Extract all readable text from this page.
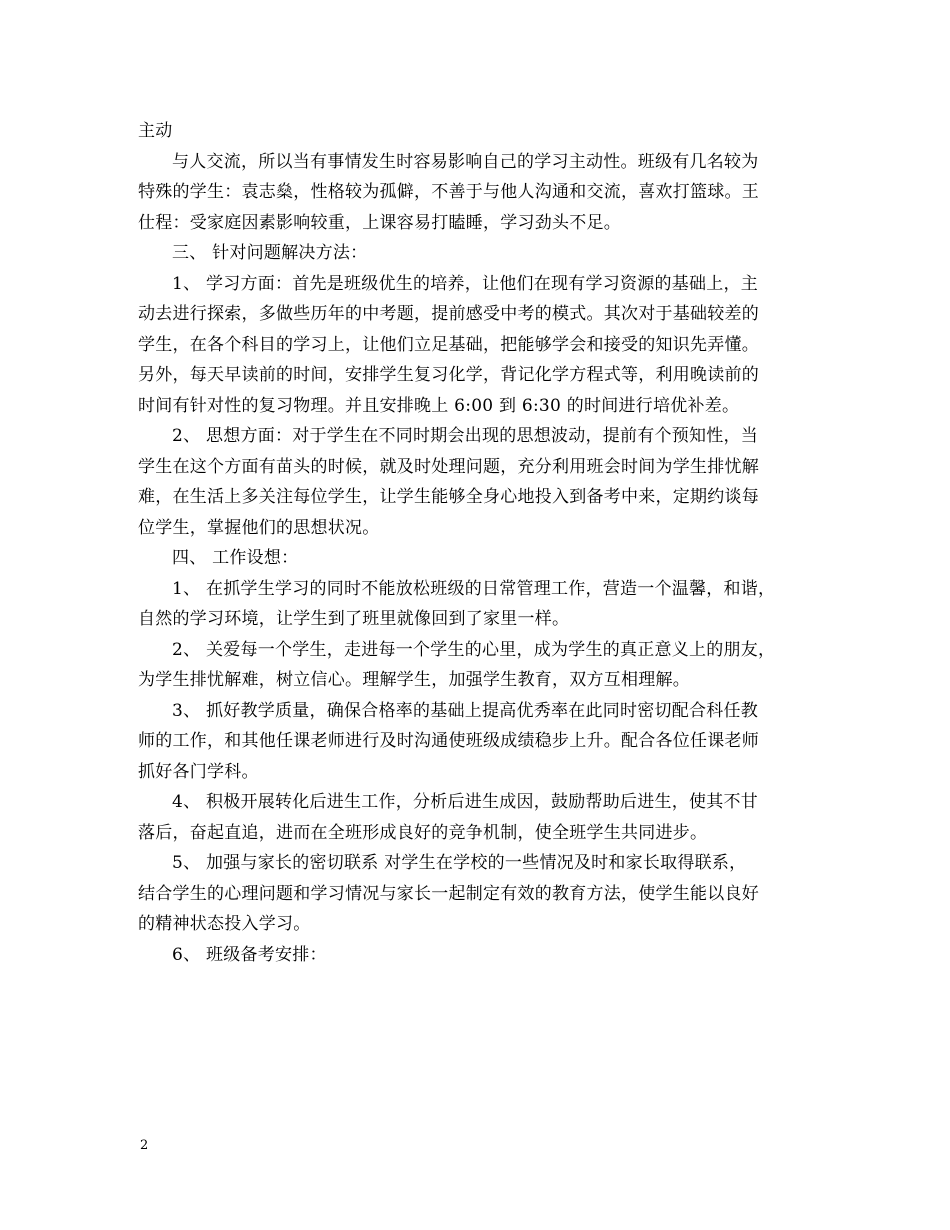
主动
与人交流，所以当有事情发生时容易影响自己的学习主动性。班级有几名较为
特殊的学生：袁志燊，性格较为孤僻，不善于与他人沟通和交流，喜欢打篮球。王
仕程：受家庭因素影响较重，上课容易打瞌睡，学习劲头不足。
三、 针对问题解决方法：
1、 学习方面：首先是班级优生的培养，让他们在现有学习资源的基础上，主
动去进行探索，多做些历年的中考题，提前感受中考的模式。其次对于基础较差的
学生，在各个科目的学习上，让他们立足基础，把能够学会和接受的知识先弄懂。
另外，每天早读前的时间，安排学生复习化学，背记化学方程式等，利用晚读前的
时间有针对性的复习物理。并且安排晚上 6:00 到 6:30 的时间进行培优补差。
2、 思想方面：对于学生在不同时期会出现的思想波动，提前有个预知性，当
学生在这个方面有苗头的时候，就及时处理问题，充分利用班会时间为学生排忧解
难，在生活上多关注每位学生，让学生能够全身心地投入到备考中来，定期约谈每
位学生，掌握他们的思想状况。
四、 工作设想：
1、 在抓学生学习的同时不能放松班级的日常管理工作，营造一个温馨，和谐，
自然的学习环境，让学生到了班里就像回到了家里一样。
2、 关爱每一个学生，走进每一个学生的心里，成为学生的真正意义上的朋友，
为学生排忧解难，树立信心。理解学生，加强学生教育，双方互相理解。
3、 抓好教学质量，确保合格率的基础上提高优秀率在此同时密切配合科任教
师的工作，和其他任课老师进行及时沟通使班级成绩稳步上升。配合各位任课老师
抓好各门学科。
4、 积极开展转化后进生工作，分析后进生成因，鼓励帮助后进生，使其不甘
落后，奋起直追，进而在全班形成良好的竞争机制，使全班学生共同进步。
5、 加强与家长的密切联系 对学生在学校的一些情况及时和家长取得联系，
结合学生的心理问题和学习情况与家长一起制定有效的教育方法，使学生能以良好
的精神状态投入学习。
6、 班级备考安排：
2
